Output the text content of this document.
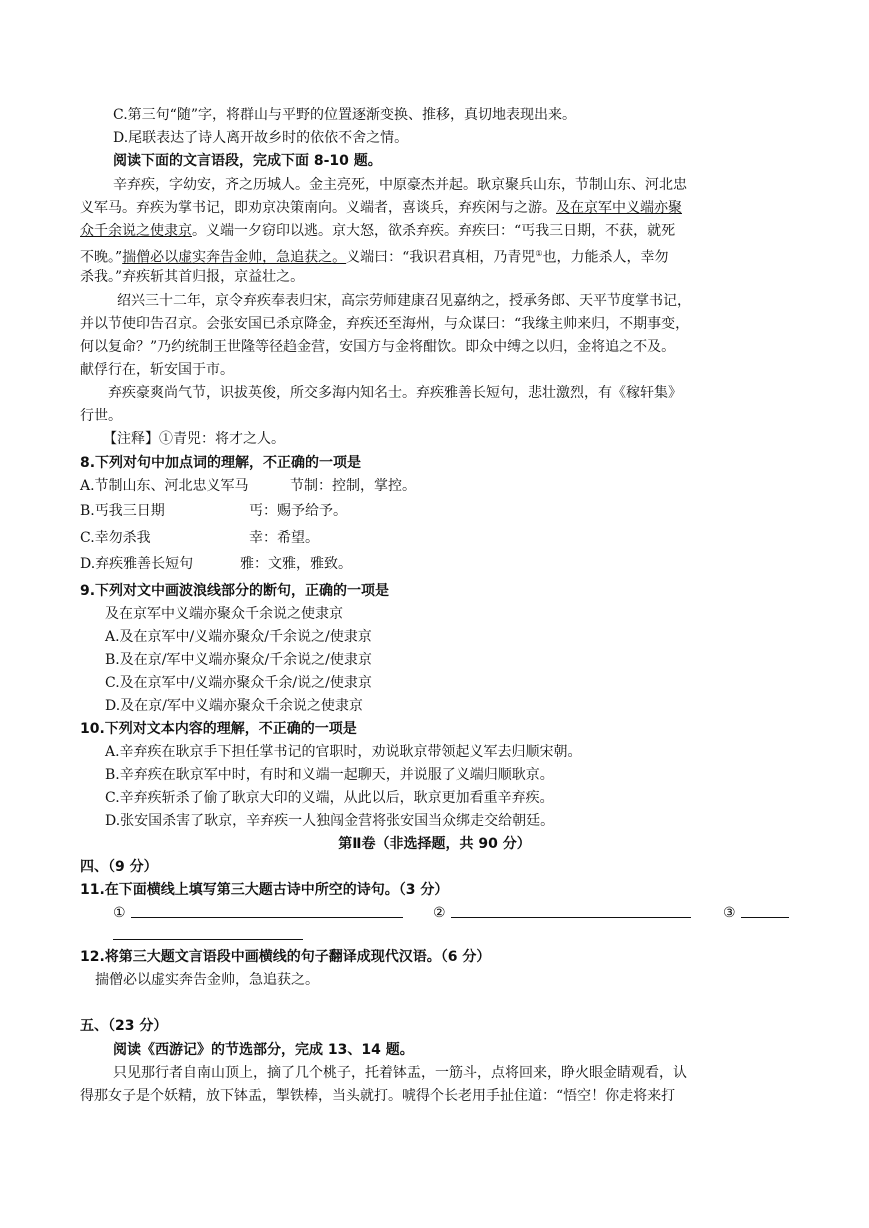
C.第三句“随”字，将群山与平野的位置逐渐变换、推移，真切地表现出来。
D.尾联表达了诗人离开故乡时的依依不舍之情。
阅读下面的文言语段，完成下面 8-10 题。
辛弃疾，字幼安，齐之历城人。金主亮死，中原豪杰并起。耿京聚兵山东，节制山东、河北忠
义军马。弃疾为掌书记，即劝京决策南向。义端者，喜谈兵，弃疾闲与之游。及在京军中义端亦聚
众千余说之使隶京。义端一夕窃印以逃。京大怒，欲杀弃疾。弃疾曰：“丐我三日期，不获，就死
不晚。”揣僧必以虚实奔告金帅，急追获之。义端曰：“我识君真相，乃青兕①也，力能杀人，幸勿
杀我。”弃疾斩其首归报，京益壮之。
绍兴三十二年，京令弃疾奉表归宋，高宗劳师建康召见嘉纳之，授承务郎、天平节度掌书记，
并以节使印告召京。会张安国已杀京降金，弃疾还至海州，与众谋曰：“我缘主帅来归，不期事变，
何以复命？”乃约统制王世隆等径趋金营，安国方与金将酣饮。即众中缚之以归，金将追之不及。
献俘行在，斩安国于市。
弃疾豪爽尚气节，识拔英俊，所交多海内知名士。弃疾雅善长短句，悲壮激烈，有《稼轩集》
行世。
【注释】①青兕：将才之人。
8.下列对句中加点词的理解，不正确的一项是
A.节制山东、河北忠义军马	节制：控制，掌控。
B.丐我三日期	丐：赐予给予。
C.幸勿杀我	幸：希望。
D.弃疾雅善长短句	雅：文雅，雅致。
9.下列对文中画波浪线部分的断句，正确的一项是
及在京军中义端亦聚众千余说之使隶京
A.及在京军中/义端亦聚众/千余说之/使隶京
B.及在京/军中义端亦聚众/千余说之/使隶京
C.及在京军中/义端亦聚众千余/说之/使隶京
D.及在京/军中义端亦聚众千余说之使隶京
10.下列对文本内容的理解，不正确的一项是
A.辛弃疾在耿京手下担任掌书记的官职时，劝说耿京带领起义军去归顺宋朝。
B.辛弃疾在耿京军中时，有时和义端一起聊天，并说服了义端归顺耿京。
C.辛弃疾斩杀了偷了耿京大印的义端，从此以后，耿京更加看重辛弃疾。
D.张安国杀害了耿京，辛弃疾一人独闯金营将张安国当众绑走交给朝廷。
第Ⅱ卷（非选择题，共 90 分）
四、（9 分）
11.在下面横线上填写第三大题古诗中所空的诗句。（3 分）
①	②	③
12.将第三大题文言语段中画横线的句子翻译成现代汉语。（6 分）
揣僧必以虚实奔告金帅，急追获之。
五、（23 分）
阅读《西游记》的节选部分，完成 13、14 题。
只见那行者自南山顶上，摘了几个桃子，托着钵盂，一筋斗，点将回来，睁火眼金睛观看，认
得那女子是个妖精，放下钵盂，掣铁棒，当头就打。唬得个长老用手扯住道：“悟空！你走将来打
